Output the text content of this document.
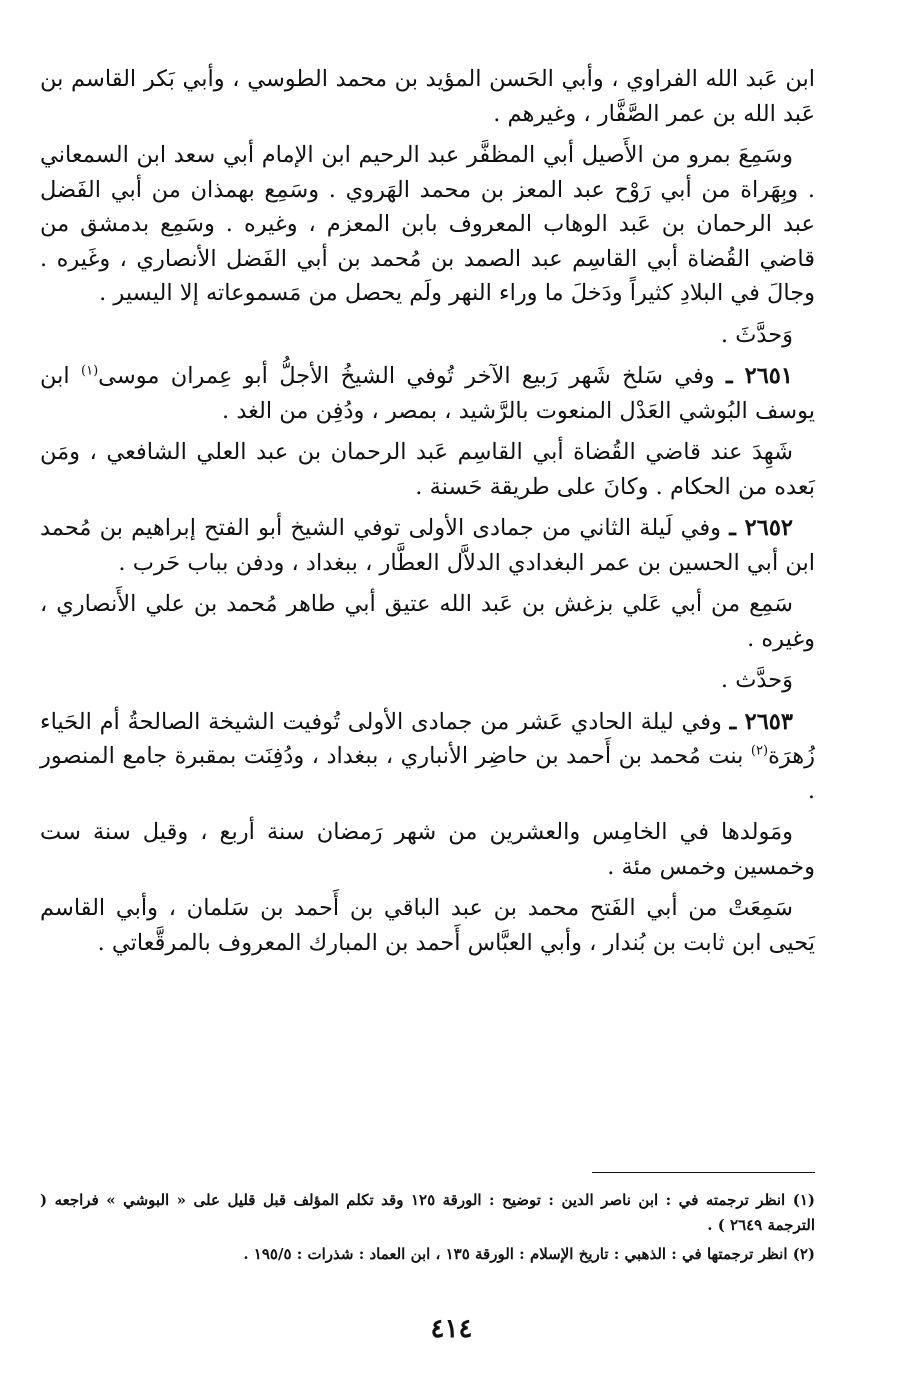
ابن عَبد الله الفراوي ، وأبي الحَسن المؤيد بن محمد الطوسي ، وأبي بَكر القاسم بن عَبد الله بن عمر الصَّفَّار ، وغيرهم .

وسَمِعَ بمرو من الأَصيل أبي المظفَّر عبد الرحيم ابن الإمام أبي سعد ابن السمعاني . وبِهَراة من أبي رَوْح عبد المعز بن محمد الهَروي . وسَمِع بهمذان من أبي الفَضل عبد الرحمان بن عَبد الوهاب المعروف بابن المعزم ، وغيره . وسَمِع بدمشق من قاضي القُضاة أبي القاسِم عبد الصمد بن مُحمد بن أبي الفَضل الأنصاري ، وغَيره . وجالَ في البلادِ كثيراً ودَخلَ ما وراء النهر ولَم يحصل من مَسموعاته إلا اليسير .

وَحدَّثَ .

٢٦٥١ ـ وفي سَلخ شَهر رَبيع الآخر تُوفي الشيخُ الأجلُّ أبو عِمران موسى$^{(١)}$ ابن يوسف البُوشي العَدْل المنعوت بالرَّشيد ، بمصر ، ودُفِن من الغد .

شَهِدَ عند قاضي القُضاة أبي القاسِم عَبد الرحمان بن عبد العلي الشافعي ، ومَن بَعده من الحكام . وكانَ على طريقة حَسنة .

٢٦٥٢ ـ وفي لَيلة الثاني من جمادى الأولى توفي الشيخ أبو الفتح إبراهيم بن مُحمد ابن أبي الحسين بن عمر البغدادي الدلاَّل العطَّار ، ببغداد ، ودفن بباب حَرب .

سَمِع من أبي عَلي بزغش بن عَبد الله عتيق أبي طاهر مُحمد بن علي الأَنصاري ، وغيره .

وَحدَّث .

٢٦٥٣ ـ وفي ليلة الحادي عَشر من جمادى الأولى تُوفيت الشيخة الصالحةُ أم الحَياء زُهرَة$^{(٢)}$ بنت مُحمد بن أَحمد بن حاضِر الأنباري ، ببغداد ، ودُفِنَت بمقبرة جامع المنصور .

ومَولدها في الخامِس والعشرين من شهر رَمضان سنة أربع ، وقيل سنة ست وخمسين وخمس مئة .

سَمِعَتْ من أبي الفَتح محمد بن عبد الباقي بن أَحمد بن سَلمان ، وأبي القاسم يَحيى ابن ثابت بن بُندار ، وأبي العبَّاس أَحمد بن المبارك المعروف بالمرقَّعاتي .

(١) انظر ترجمته في : ابن ناصر الدين : توضيح : الورقة ١٢٥ وقد تكلم المؤلف قبل قليل على « البوشي » فراجعه ( الترجمة ٢٦٤٩ ) .

(٢) انظر ترجمتها في : الذهبي : تاريخ الإسلام : الورقة ١٣٥ ، ابن العماد : شذرات : ١٩٥/٥ .

٤١٤
